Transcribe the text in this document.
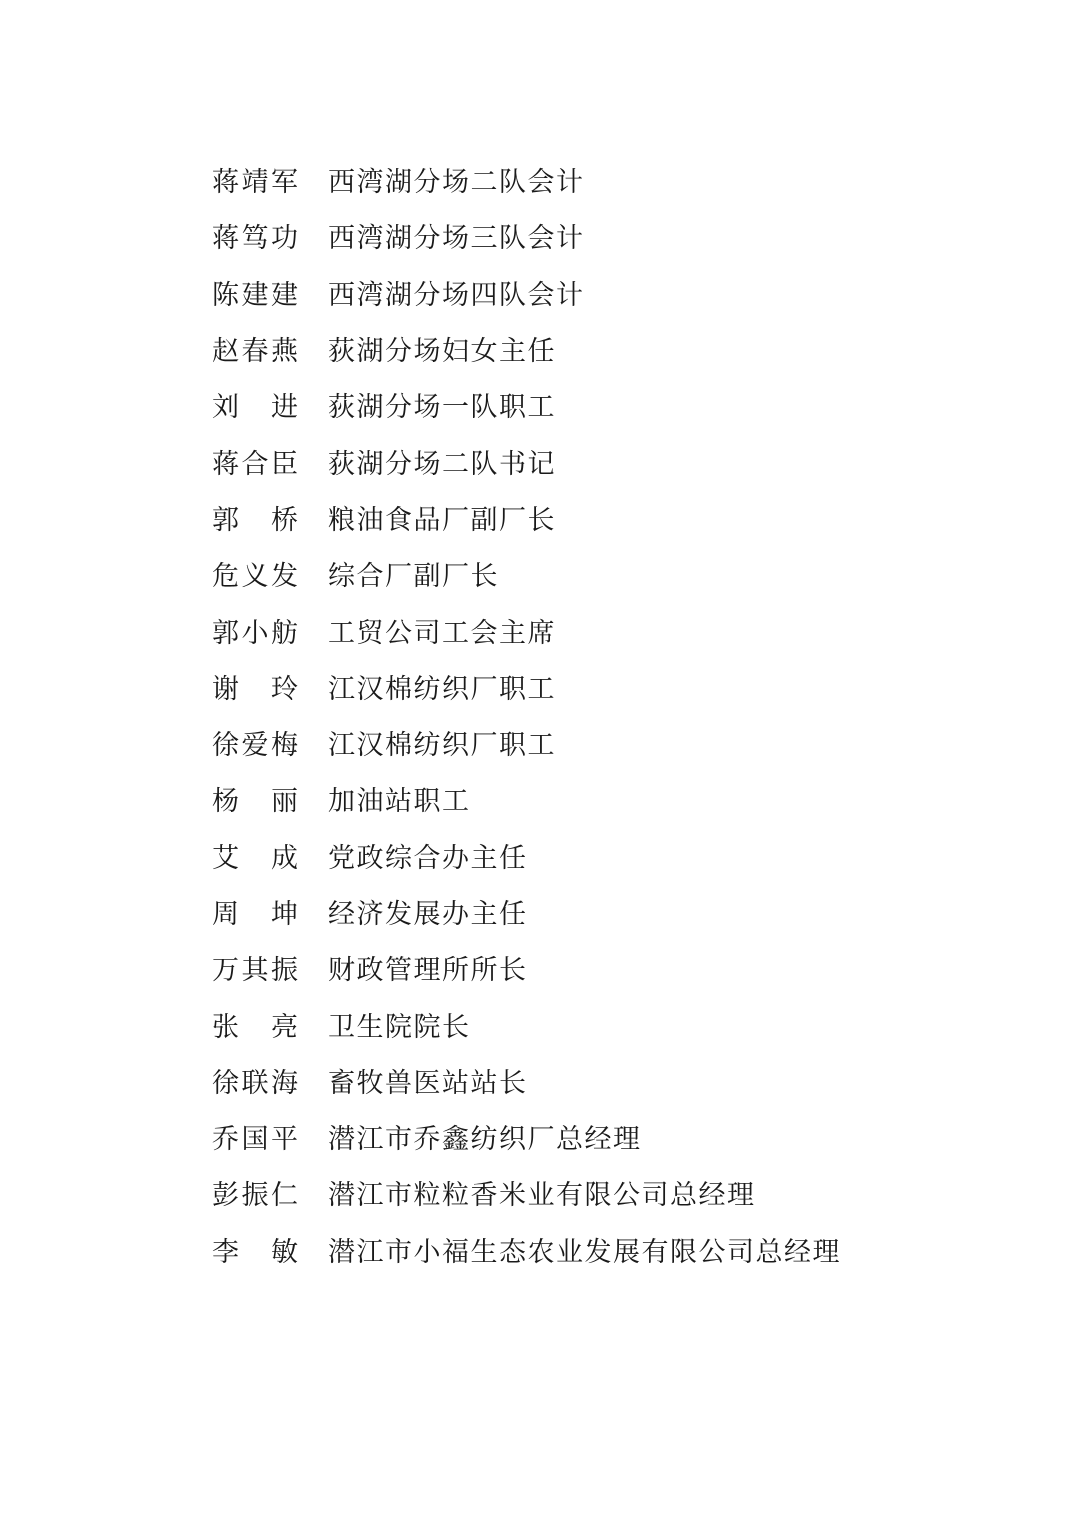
蒋 靖 军 西湾湖分场二队会计
蒋 笃 功 西湾湖分场三队会计
陈 建 建 西湾湖分场四队会计
赵 春 燕 荻湖分场妇女主任
刘 进 荻湖分场一队职工
蒋 合 臣 荻湖分场二队书记
郭 桥 粮油食品厂副厂长
危 义 发 综合厂副厂长
郭 小 舫 工贸公司工会主席
谢 玲 江汉棉纺织厂职工
徐 爱 梅 江汉棉纺织厂职工
杨 丽 加油站职工
艾 成 党政综合办主任
周 坤 经济发展办主任
万 其 振 财政管理所所长
张 亮 卫生院院长
徐 联 海 畜牧兽医站站长
乔 国 平 潜江市乔鑫纺织厂总经理
彭 振 仁 潜江市粒粒香米业有限公司总经理
李 敏 潜江市小福生态农业发展有限公司总经理
